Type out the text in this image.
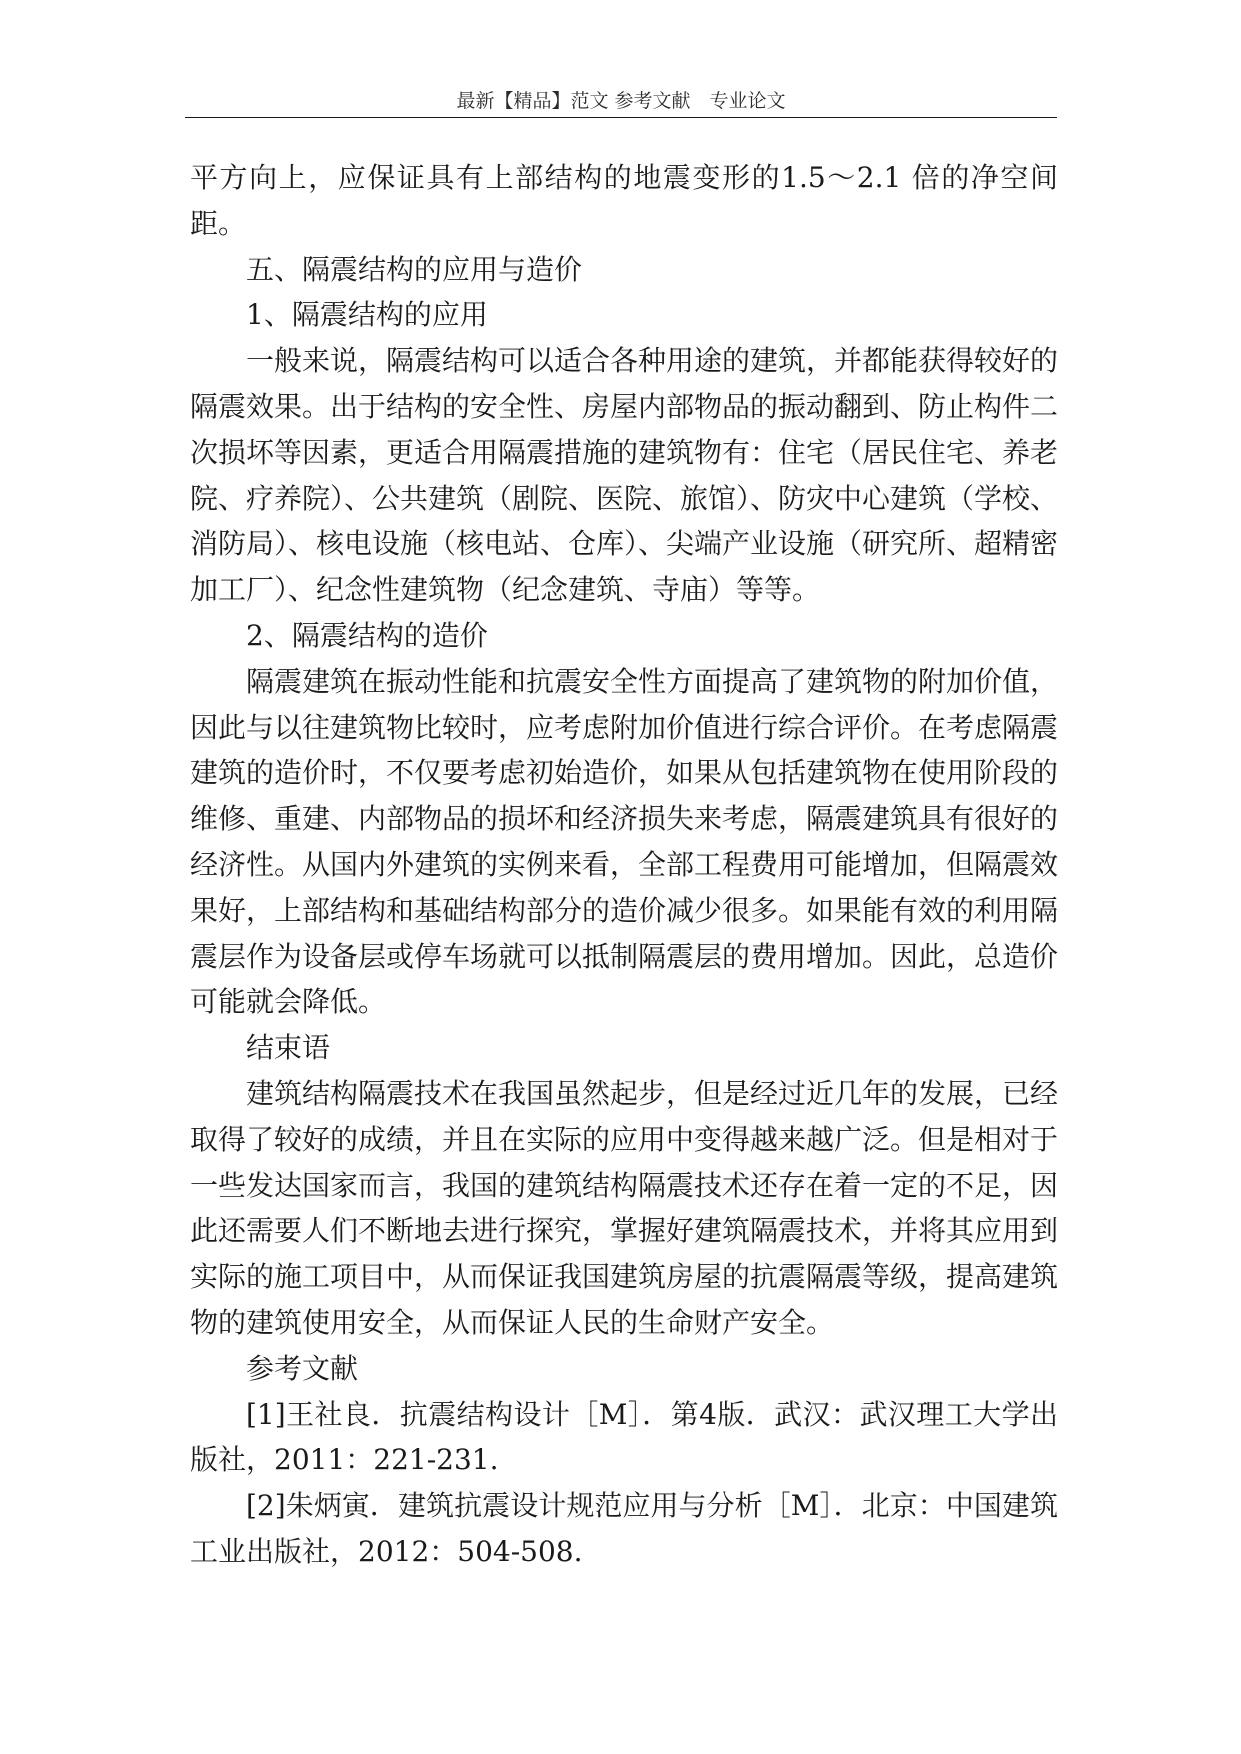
最新【精品】范文 参考文献　专业论文

平方向上，应保证具有上部结构的地震变形的1.5～2.1 倍的净空间距。

五、隔震结构的应用与造价

1、隔震结构的应用

一般来说，隔震结构可以适合各种用途的建筑，并都能获得较好的隔震效果。出于结构的安全性、房屋内部物品的振动翻到、防止构件二次损坏等因素，更适合用隔震措施的建筑物有：住宅（居民住宅、养老院、疗养院）、公共建筑（剧院、医院、旅馆）、防灾中心建筑（学校、消防局）、核电设施（核电站、仓库）、尖端产业设施（研究所、超精密加工厂）、纪念性建筑物（纪念建筑、寺庙）等等。

2、隔震结构的造价

隔震建筑在振动性能和抗震安全性方面提高了建筑物的附加价值，因此与以往建筑物比较时，应考虑附加价值进行综合评价。在考虑隔震建筑的造价时，不仅要考虑初始造价，如果从包括建筑物在使用阶段的维修、重建、内部物品的损坏和经济损失来考虑，隔震建筑具有很好的经济性。从国内外建筑的实例来看，全部工程费用可能增加，但隔震效果好，上部结构和基础结构部分的造价减少很多。如果能有效的利用隔震层作为设备层或停车场就可以抵制隔震层的费用增加。因此，总造价可能就会降低。

结束语

建筑结构隔震技术在我国虽然起步，但是经过近几年的发展，已经取得了较好的成绩，并且在实际的应用中变得越来越广泛。但是相对于一些发达国家而言，我国的建筑结构隔震技术还存在着一定的不足，因此还需要人们不断地去进行探究，掌握好建筑隔震技术，并将其应用到实际的施工项目中，从而保证我国建筑房屋的抗震隔震等级，提高建筑物的建筑使用安全，从而保证人民的生命财产安全。

参考文献

[1]王社良．抗震结构设计［M］．第4版．武汉：武汉理工大学出版社，2011：221-231.

[2]朱炳寅．建筑抗震设计规范应用与分析［M］．北京：中国建筑工业出版社，2012：504-508.
